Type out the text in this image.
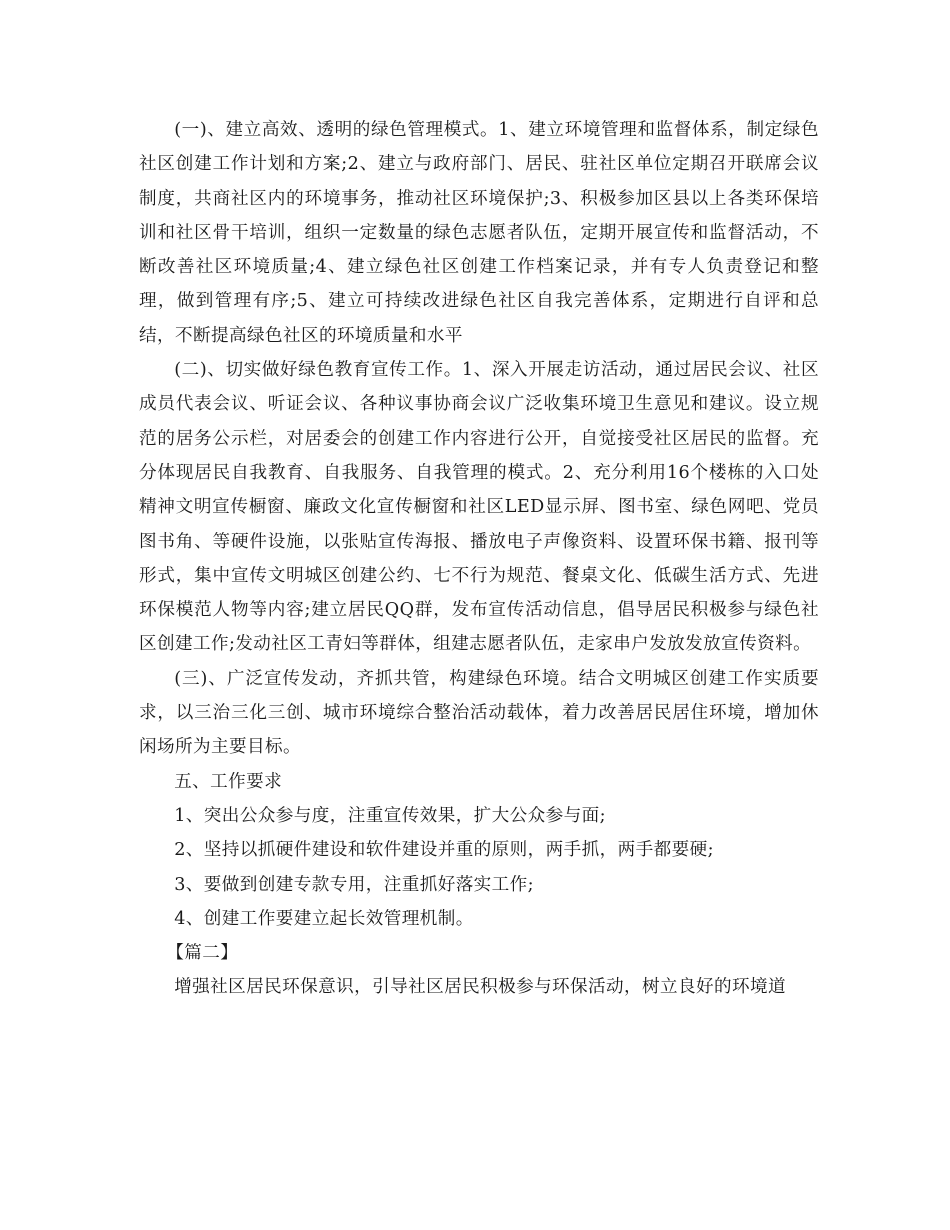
(一)、建立高效、透明的绿色管理模式。1、建立环境管理和监督体系，制定绿色社区创建工作计划和方案;2、建立与政府部门、居民、驻社区单位定期召开联席会议制度，共商社区内的环境事务，推动社区环境保护;3、积极参加区县以上各类环保培训和社区骨干培训，组织一定数量的绿色志愿者队伍，定期开展宣传和监督活动，不断改善社区环境质量;4、建立绿色社区创建工作档案记录，并有专人负责登记和整理，做到管理有序;5、建立可持续改进绿色社区自我完善体系，定期进行自评和总结，不断提高绿色社区的环境质量和水平

(二)、切实做好绿色教育宣传工作。1、深入开展走访活动，通过居民会议、社区成员代表会议、听证会议、各种议事协商会议广泛收集环境卫生意见和建议。设立规范的居务公示栏，对居委会的创建工作内容进行公开，自觉接受社区居民的监督。充分体现居民自我教育、自我服务、自我管理的模式。2、充分利用16个楼栋的入口处精神文明宣传橱窗、廉政文化宣传橱窗和社区LED显示屏、图书室、绿色网吧、党员图书角、等硬件设施，以张贴宣传海报、播放电子声像资料、设置环保书籍、报刊等形式，集中宣传文明城区创建公约、七不行为规范、餐桌文化、低碳生活方式、先进环保模范人物等内容;建立居民QQ群，发布宣传活动信息，倡导居民积极参与绿色社区创建工作;发动社区工青妇等群体，组建志愿者队伍，走家串户发放发放宣传资料。

(三)、广泛宣传发动，齐抓共管，构建绿色环境。结合文明城区创建工作实质要求，以三治三化三创、城市环境综合整治活动载体，着力改善居民居住环境，增加休闲场所为主要目标。

五、工作要求

1、突出公众参与度，注重宣传效果，扩大公众参与面;

2、坚持以抓硬件建设和软件建设并重的原则，两手抓，两手都要硬;

3、要做到创建专款专用，注重抓好落实工作;

4、创建工作要建立起长效管理机制。

【篇二】

增强社区居民环保意识，引导社区居民积极参与环保活动，树立良好的环境道
